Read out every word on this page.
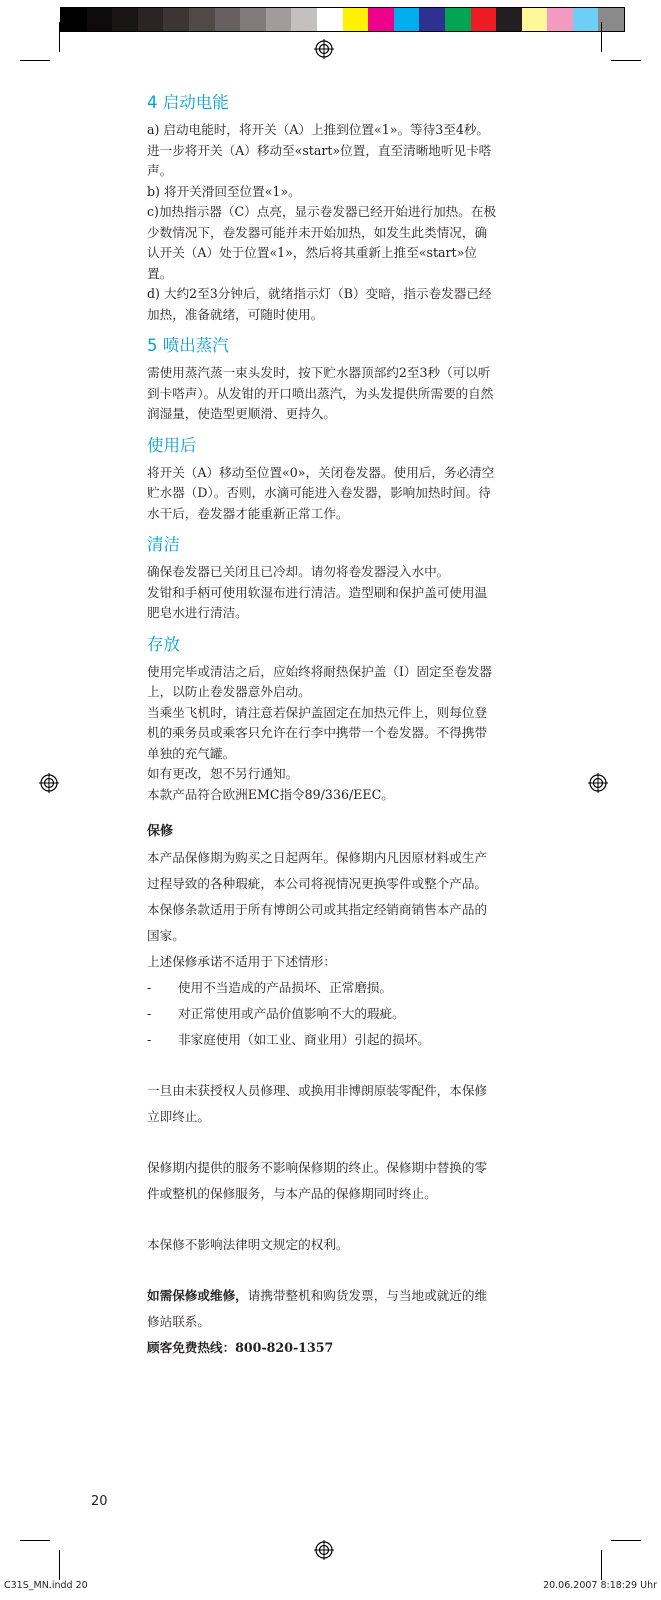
4 启动电能

a) 启动电能时，将开关（A）上推到位置«1»。等待3至4秒。

进一步将开关（A）移动至«start»位置，直至清晰地听见卡嗒声。

b) 将开关滑回至位置«1»。

c)加热指示器（C）点亮，显示卷发器已经开始进行加热。在极少数情况下，卷发器可能并未开始加热，如发生此类情况，确认开关（A）处于位置«1»，然后将其重新上推至«start»位置。

d) 大约2至3分钟后，就绪指示灯（B）变暗，指示卷发器已经加热，准备就绪，可随时使用。

5 喷出蒸汽

需使用蒸汽蒸一束头发时，按下贮水器顶部约2至3秒（可以听到卡嗒声）。从发钳的开口喷出蒸汽，为头发提供所需要的自然润湿量，使造型更顺滑、更持久。

使用后

将开关（A）移动至位置«0»，关闭卷发器。使用后，务必清空贮水器（D）。否则，水滴可能进入卷发器，影响加热时间。待水干后，卷发器才能重新正常工作。

清洁

确保卷发器已关闭且已冷却。请勿将卷发器浸入水中。

发钳和手柄可使用软湿布进行清洁。造型刷和保护盖可使用温肥皂水进行清洁。

存放

使用完毕或清洁之后，应始终将耐热保护盖（I）固定至卷发器上，以防止卷发器意外启动。

当乘坐飞机时，请注意若保护盖固定在加热元件上，则每位登机的乘务员或乘客只允许在行李中携带一个卷发器。不得携带单独的充气罐。

如有更改，恕不另行通知。

本款产品符合欧洲EMC指令89/336/EEC。

保修

本产品保修期为购买之日起两年。保修期内凡因原材料或生产过程导致的各种瑕疵，本公司将视情况更换零件或整个产品。

本保修条款适用于所有博朗公司或其指定经销商销售本产品的国家。

上述保修承诺不适用于下述情形：

-	使用不当造成的产品损坏、正常磨损。
-	对正常使用或产品价值影响不大的瑕疵。
-	非家庭使用（如工业、商业用）引起的损坏。

一旦由未获授权人员修理、或换用非博朗原装零配件，本保修立即终止。

保修期内提供的服务不影响保修期的终止。保修期中替换的零件或整机的保修服务，与本产品的保修期同时终止。

本保修不影响法律明文规定的权利。

如需保修或维修，请携带整机和购货发票，与当地或就近的维修站联系。

顾客免费热线：800-820-1357

20
C31S_MN.indd 20	20.06.2007 8:18:29 Uhr
